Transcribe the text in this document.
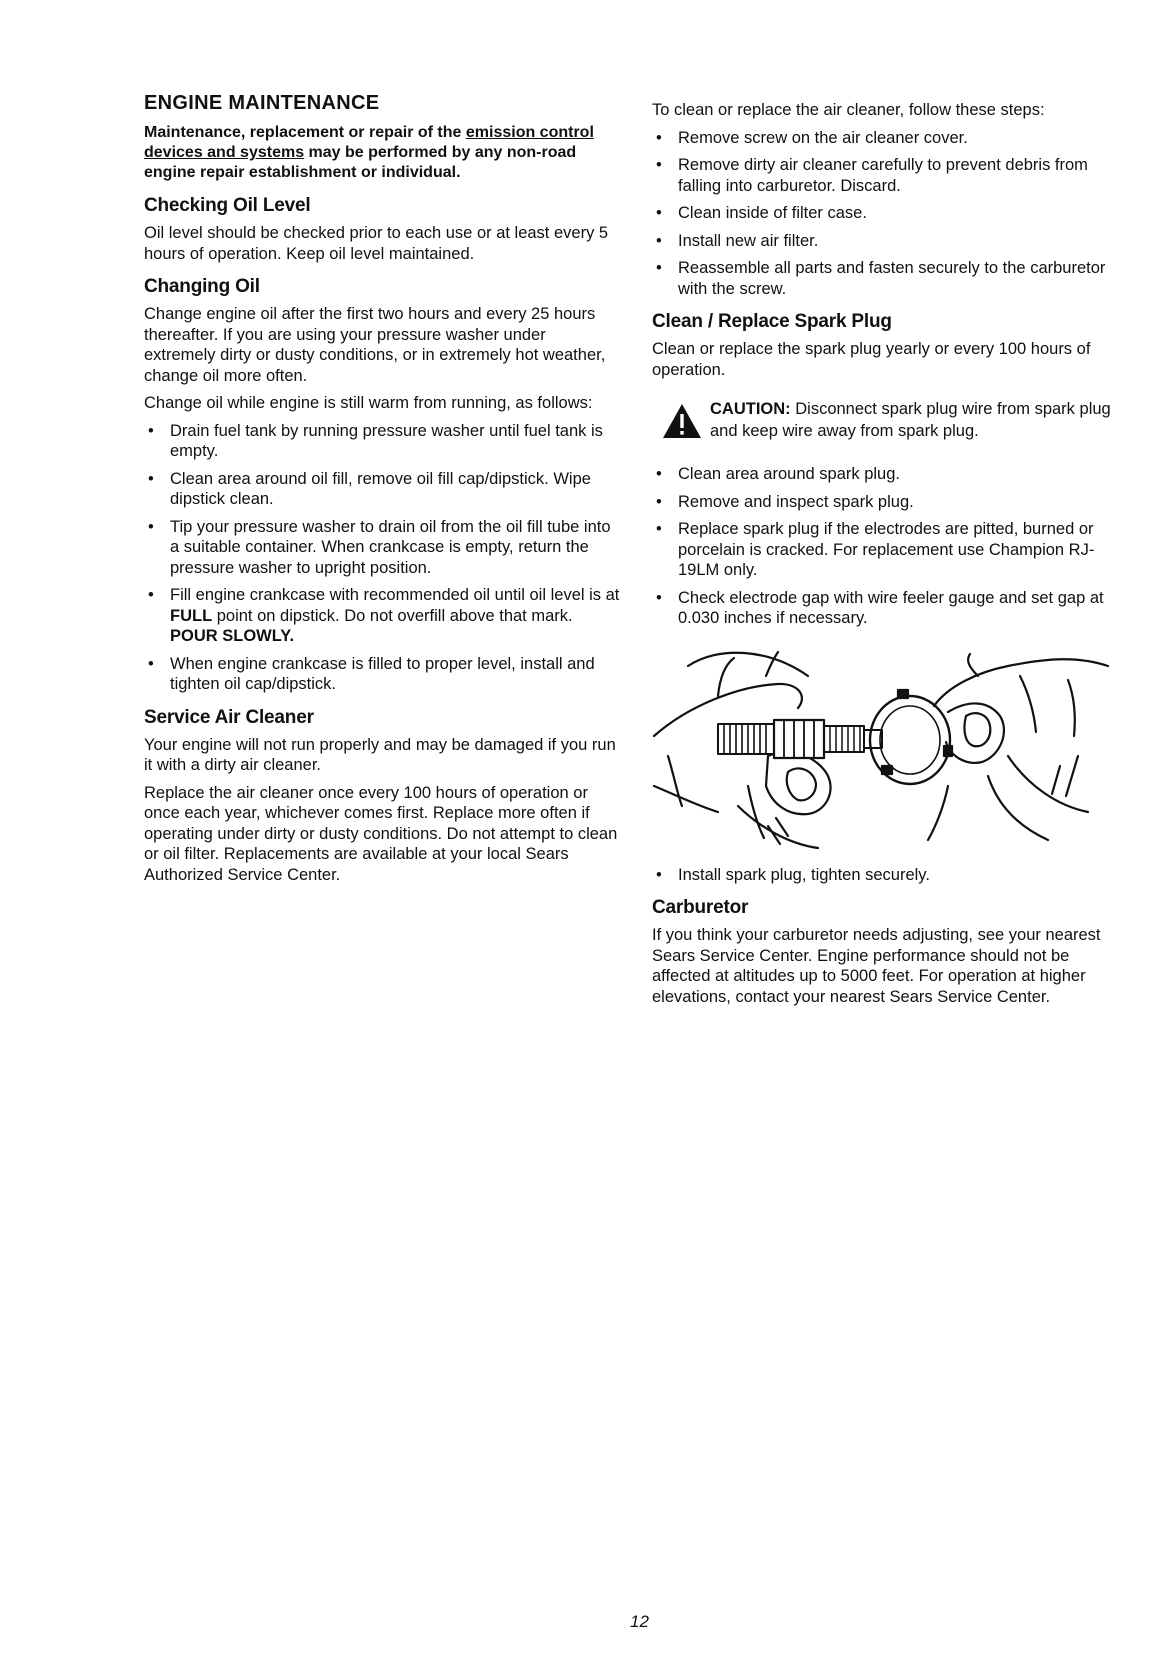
ENGINE MAINTENANCE

Maintenance, replacement or repair of the emission control devices and systems may be performed by any non-road engine repair establishment or individual.

Checking Oil Level

Oil level should be checked prior to each use or at least every 5 hours of operation. Keep oil level maintained.

Changing Oil

Change engine oil after the first two hours and every 25 hours thereafter. If you are using your pressure washer under extremely dirty or dusty conditions, or in extremely hot weather, change oil more often.

Change oil while engine is still warm from running, as follows:

• Drain fuel tank by running pressure washer until fuel tank is empty.
• Clean area around oil fill, remove oil fill cap/dipstick. Wipe dipstick clean.
• Tip your pressure washer to drain oil from the oil fill tube into a suitable container. When crankcase is empty, return the pressure washer to upright position.
• Fill engine crankcase with recommended oil until oil level is at FULL point on dipstick. Do not overfill above that mark. POUR SLOWLY.
• When engine crankcase is filled to proper level, install and tighten oil cap/dipstick.
Service Air Cleaner

Your engine will not run properly and may be damaged if you run it with a dirty air cleaner.

Replace the air cleaner once every 100 hours of operation or once each year, whichever comes first. Replace more often if operating under dirty or dusty conditions. Do not attempt to clean or oil filter. Replacements are available at your local Sears Authorized Service Center.

To clean or replace the air cleaner, follow these steps:

• Remove screw on the air cleaner cover.
• Remove dirty air cleaner carefully to prevent debris from falling into carburetor. Discard.
• Clean inside of filter case.
• Install new air filter.
• Reassemble all parts and fasten securely to the carburetor with the screw.
Clean / Replace Spark Plug

Clean or replace the spark plug yearly or every 100 hours of operation.

CAUTION: Disconnect spark plug wire from spark plug and keep wire away from spark plug.
• Clean area around spark plug.
• Remove and inspect spark plug.
• Replace spark plug if the electrodes are pitted, burned or porcelain is cracked. For replacement use Champion RJ-19LM only.
• Check electrode gap with wire feeler gauge and set gap at 0.030 inches if necessary.
• Install spark plug, tighten securely.
Carburetor

If you think your carburetor needs adjusting, see your nearest Sears Service Center. Engine performance should not be affected at altitudes up to 5000 feet. For operation at higher elevations, contact your nearest Sears Service Center.

12
